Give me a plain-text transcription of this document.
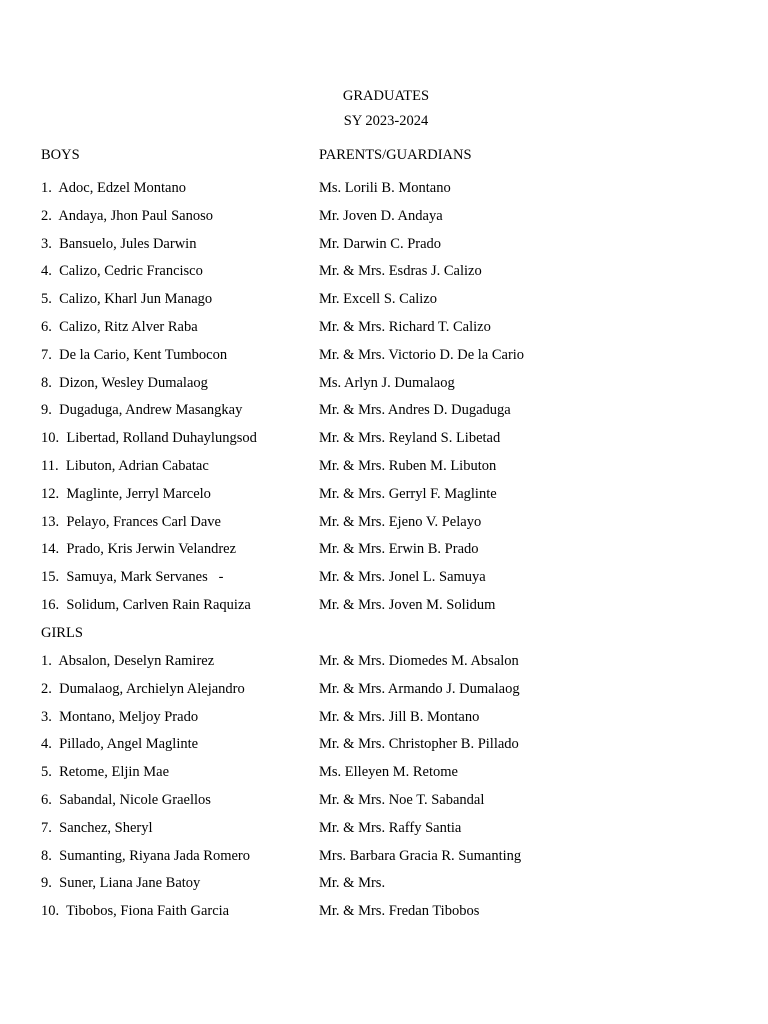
GRADUATES
SY 2023-2024
BOYS	PARENTS/GUARDIANS
1.  Adoc, Edzel Montano	Ms. Lorili B. Montano
2.  Andaya, Jhon Paul Sanoso	Mr. Joven D. Andaya
3.  Bansuelo, Jules Darwin	Mr. Darwin C. Prado
4.  Calizo, Cedric Francisco	Mr. & Mrs. Esdras J. Calizo
5.  Calizo, Kharl Jun Manago	Mr. Excell S. Calizo
6.  Calizo, Ritz Alver Raba	Mr. & Mrs. Richard T. Calizo
7.  De la Cario, Kent Tumbocon	Mr. & Mrs. Victorio D. De la Cario
8.  Dizon, Wesley Dumalaog	Ms. Arlyn J. Dumalaog
9.  Dugaduga, Andrew Masangkay	Mr. & Mrs. Andres D. Dugaduga
10.  Libertad, Rolland Duhaylungsod	Mr. & Mrs. Reyland S. Libetad
11.  Libuton, Adrian Cabatac	Mr. & Mrs. Ruben M. Libuton
12.  Maglinte, Jerryl Marcelo	Mr. & Mrs. Gerryl F. Maglinte
13.  Pelayo, Frances Carl Dave	Mr. & Mrs. Ejeno V. Pelayo
14.  Prado, Kris Jerwin Velandrez	Mr. & Mrs. Erwin B. Prado
15.  Samuya, Mark Servanes   -	Mr. & Mrs. Jonel L. Samuya
16.  Solidum, Carlven Rain Raquiza	Mr. & Mrs. Joven M. Solidum
GIRLS
1.  Absalon, Deselyn Ramirez	Mr. & Mrs. Diomedes M. Absalon
2.  Dumalaog, Archielyn Alejandro	Mr. & Mrs. Armando J. Dumalaog
3.  Montano, Meljoy Prado	Mr. & Mrs. Jill B. Montano
4.  Pillado, Angel Maglinte	Mr. & Mrs. Christopher B. Pillado
5.  Retome, Eljin Mae	Ms. Elleyen M. Retome
6.  Sabandal, Nicole Graellos	Mr. & Mrs. Noe T. Sabandal
7.  Sanchez, Sheryl	Mr. & Mrs. Raffy Santia
8.  Sumanting, Riyana Jada Romero	Mrs. Barbara Gracia R. Sumanting
9.  Suner, Liana Jane Batoy	Mr. & Mrs.
10.  Tibobos, Fiona Faith Garcia	Mr. & Mrs. Fredan Tibobos
